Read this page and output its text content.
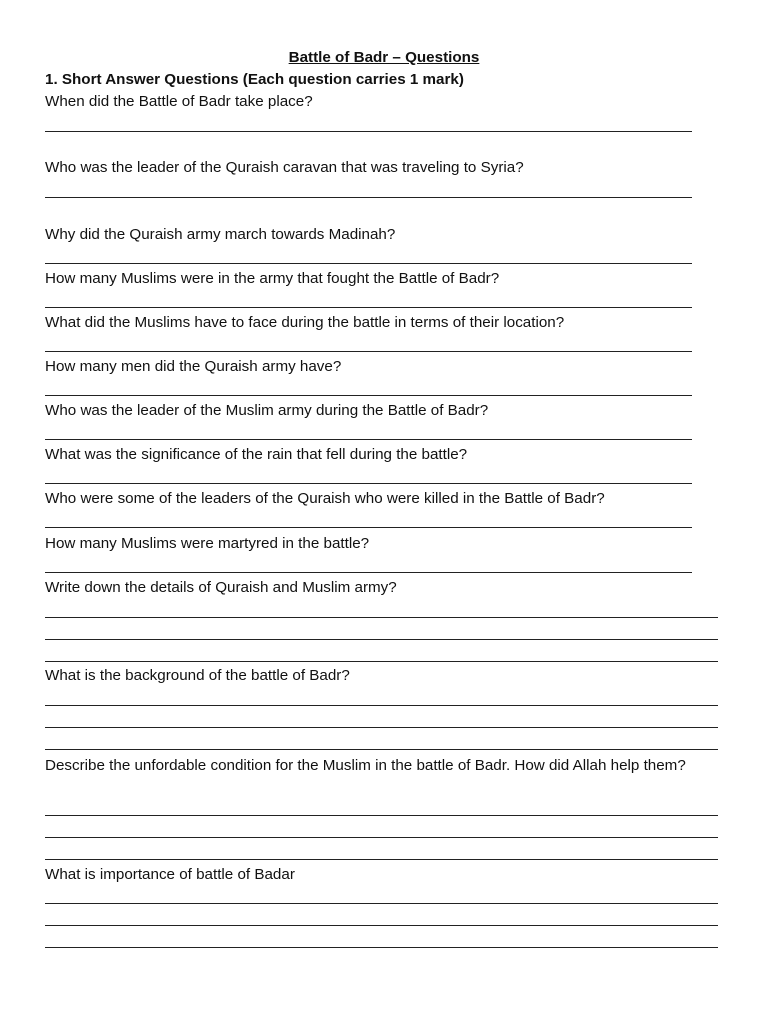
Battle of Badr – Questions
1. Short Answer Questions (Each question carries 1 mark)
When did the Battle of Badr take place?
Who was the leader of the Quraish caravan that was traveling to Syria?
Why did the Quraish army march towards Madinah?
How many Muslims were in the army that fought the Battle of Badr?
What did the Muslims have to face during the battle in terms of their location?
How many men did the Quraish army have?
Who was the leader of the Muslim army during the Battle of Badr?
What was the significance of the rain that fell during the battle?
Who were some of the leaders of the Quraish who were killed in the Battle of Badr?
How many Muslims were martyred in the battle?
Write down the details of Quraish and Muslim army?
What is the background of the battle of Badr?
Describe the unfordable condition for the Muslim in the battle of Badr. How did Allah help them?
What is importance of battle of Badar
